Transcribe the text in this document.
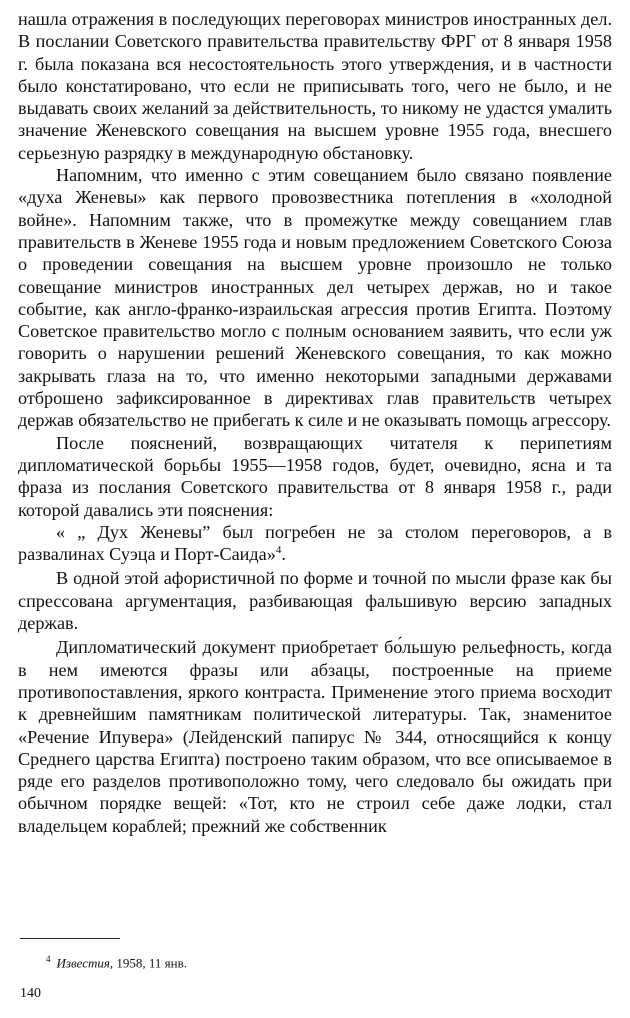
нашла отражения в последующих переговорах министров иностранных дел. В послании Советского правительства правительству ФРГ от 8 января 1958 г. была показана вся несостоятельность этого утверждения, и в частности было констатировано, что если не приписывать того, чего не было, и не выдавать своих желаний за действительность, то никому не удастся умалить значение Женевского совещания на высшем уровне 1955 года, внесшего серьезную разрядку в международную обстановку.

Напомним, что именно с этим совещанием было связано появление «духа Женевы» как первого провозвестника потепления в «холодной войне». Напомним также, что в промежутке между совещанием глав правительств в Женеве 1955 года и новым предложением Советского Союза о проведении совещания на высшем уровне произошло не только совещание министров иностранных дел четырех держав, но и такое событие, как англо-франко-израильская агрессия против Египта. Поэтому Советское правительство могло с полным основанием заявить, что если уж говорить о нарушении решений Женевского совещания, то как можно закрывать глаза на то, что именно некоторыми западными державами отброшено зафиксированное в директивах глав правительств четырех держав обязательство не прибегать к силе и не оказывать помощь агрессору.

После пояснений, возвращающих читателя к перипетиям дипломатической борьбы 1955—1958 годов, будет, очевидно, ясна и та фраза из послания Советского правительства от 8 января 1958 г., ради которой давались эти пояснения:

« „ Дух Женевы” был погребен не за столом переговоров, а в развалинах Суэца и Порт-Саида»$^4$.

В одной этой афористичной по форме и точной по мысли фразе как бы спрессована аргументация, разбивающая фальшивую версию западных держав.

Дипломатический документ приобретает бо́льшую рельефность, когда в нем имеются фразы или абзацы, построенные на приеме противопоставления, яркого контраста. Применение этого приема восходит к древнейшим памятникам политической литературы. Так, знаменитое «Речение Ипувера» (Лейденский папирус № 344, относящийся к концу Среднего царства Египта) построено таким образом, что все описываемое в ряде его разделов противоположно тому, чего следовало бы ожидать при обычном порядке вещей: «Тот, кто не строил себе даже лодки, стал владельцем кораблей; прежний же собственник

$^4$ Известия, 1958, 11 янв.
140
